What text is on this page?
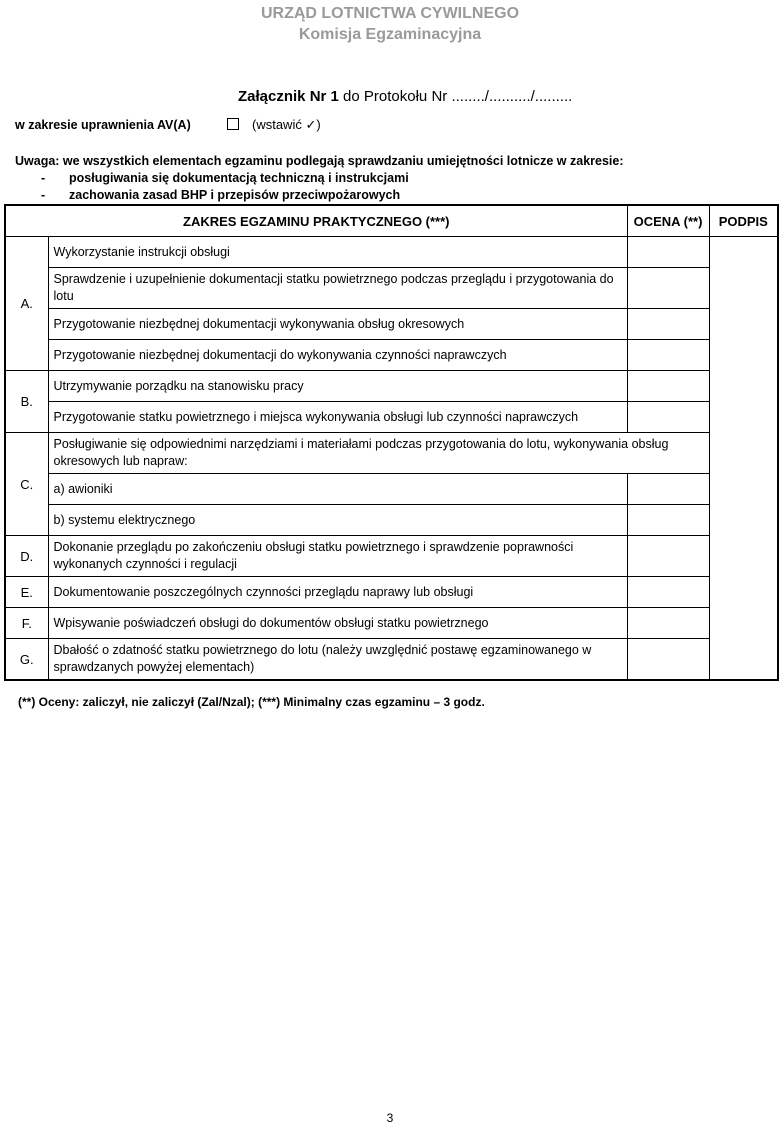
URZĄD LOTNICTWA CYWILNEGO
Komisja Egzaminacyjna
Załącznik Nr 1 do Protokołu Nr ......../........../.........
w zakresie uprawnienia AV(A)	(wstawić ✓)
Uwaga: we wszystkich elementach egzaminu podlegają sprawdzaniu umiejętności lotnicze w zakresie:
- posługiwania się dokumentacją techniczną i instrukcjami
- zachowania zasad BHP i przepisów przeciwpożarowych
ZAKRES EGZAMINU PRAKTYCZNEGO (***)		OCENA (**)	PODPIS
A.	Wykorzystanie instrukcji obsługi		
	Sprawdzenie i uzupełnienie dokumentacji statku powietrznego podczas przeglądu i przygotowania do lotu		
	Przygotowanie niezbędnej dokumentacji wykonywania obsług okresowych		
	Przygotowanie niezbędnej dokumentacji do wykonywania czynności naprawczych		
B.	Utrzymywanie porządku na stanowisku pracy		
	Przygotowanie statku powietrznego i miejsca wykonywania obsługi lub czynności naprawczych		
C.	Posługiwanie się odpowiednimi narzędziami i materiałami podczas przygotowania do lotu, wykonywania obsług okresowych lub napraw:		
	a) awioniki		
	b) systemu elektrycznego		
D.	Dokonanie przeglądu po zakończeniu obsługi statku powietrznego i sprawdzenie poprawności wykonanych czynności i regulacji		
E.	Dokumentowanie poszczególnych czynności przeglądu naprawy lub obsługi		
F.	Wpisywanie poświadczeń obsługi do dokumentów obsługi statku powietrznego		
G.	Dbałość o zdatność statku powietrznego do lotu (należy uwzględnić postawę egzaminowanego w sprawdzanych powyżej elementach)		
(**) Oceny: zaliczył, nie zaliczył (Zal/Nzal); (***) Minimalny czas egzaminu – 3 godz.
3
